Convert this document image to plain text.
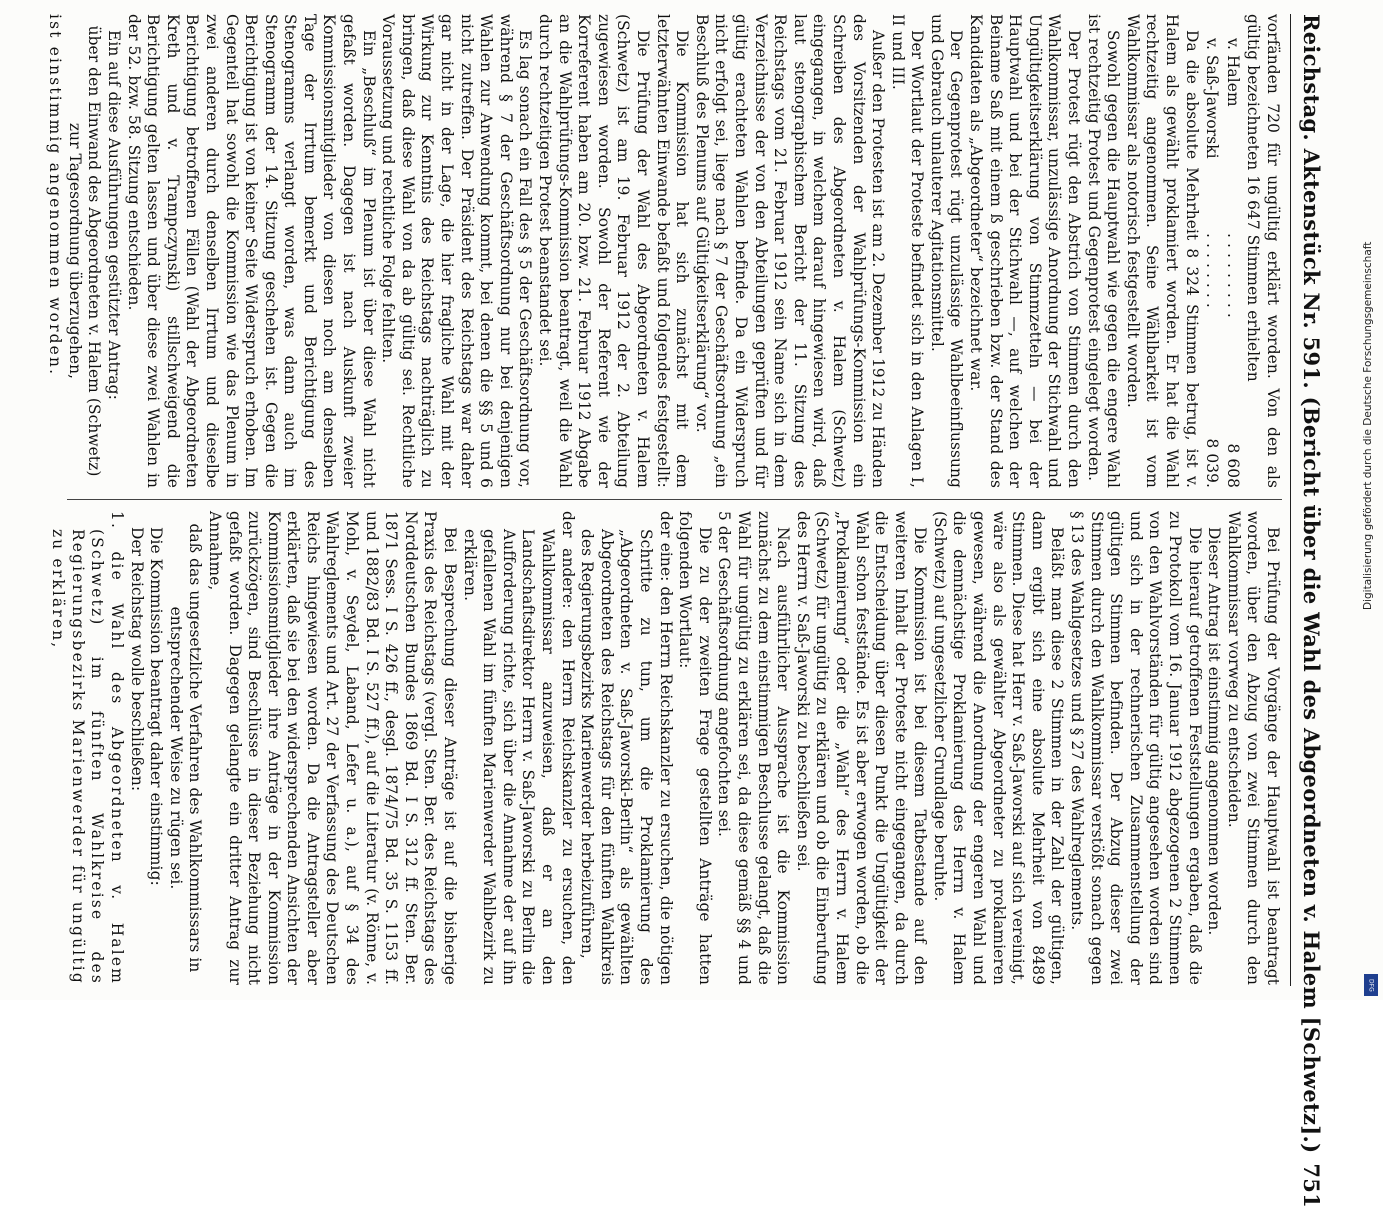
Reichstag. Aktenstück Nr. 591. (Bericht über die Wahl des Abgeordneten v. Halem [Schwetz].)
751

vorfänden 720 für ungültig erklärt worden. Von den als gültig bezeichneten 16 647 Stimmen erhielten

v. Halem
. . . . . . . . .
8 608
v. Saß-Jaworski
. . . . . . . .
8 039.

Da die absolute Mehrheit 8 324 Stimmen betrug, ist v. Halem als gewählt proklamiert worden. Er hat die Wahl rechtzeitig angenommen. Seine Wählbarkeit ist vom Wahlkommissar als notorisch festgestellt worden.

Sowohl gegen die Hauptwahl wie gegen die engere Wahl ist rechtzeitig Protest und Gegenprotest eingelegt worden.

Der Protest rügt den Abstrich von Stimmen durch den Wahlkommissar, unzulässige Anordnung der Stichwahl und Ungültigkeitserklärung von Stimmzetteln — bei der Hauptwahl und bei der Stichwahl —, auf welchen der Beiname Saß mit einem ß geschrieben bzw. der Stand des Kandidaten als „Abgeordneter“ bezeichnet war.

Der Gegenprotest rügt unzulässige Wahlbeeinflussung und Gebrauch unlauterer Agitationsmittel.

Der Wortlaut der Proteste befindet sich in den Anlagen I, II und III.

Außer den Protesten ist am 2. Dezember 1912 zu Händen des Vorsitzenden der Wahlprüfungs-Kommission ein Schreiben des Abgeordneten v. Halem (Schwetz) eingegangen, in welchem darauf hingewiesen wird, daß laut stenographischem Bericht der 11. Sitzung des Reichstags vom 21. Februar 1912 sein Name sich in dem Verzeichnisse der von den Abteilungen geprüften und für gültig erachteten Wahlen befinde. Da ein Widerspruch nicht erfolgt sei, liege nach § 7 der Geschäftsordnung „ein Beschluß des Plenums auf Gültigkeitserklärung“ vor.

Die Kommission hat sich zunächst mit dem letzterwähnten Einwande befaßt und folgendes festgestellt:

Die Prüfung der Wahl des Abgeordneten v. Halem (Schwetz) ist am 19. Februar 1912 der 2. Abteilung zugewiesen worden. Sowohl der Referent wie der Korreferent haben am 20. bzw. 21. Februar 1912 Abgabe an die Wahlprüfungs-Kommission beantragt, weil die Wahl durch rechtzeitigen Protest beanstandet sei.

Es lag sonach ein Fall des § 5 der Geschäftsordnung vor, während § 7 der Geschäftsordnung nur bei denjenigen Wahlen zur Anwendung kommt, bei denen die §§ 5 und 6 nicht zutreffen. Der Präsident des Reichstags war daher gar nicht in der Lage, die hier fragliche Wahl mit der Wirkung zur Kenntnis des Reichstags nachträglich zu bringen, daß diese Wahl von da ab gültig sei. Rechtliche Voraussetzung und rechtliche Folge fehlten.

Ein „Beschluß“ im Plenum ist über diese Wahl nicht gefaßt worden. Dagegen ist nach Auskunft zweier Kommissionsmitglieder von diesen noch am denselben Tage der Irrtum bemerkt und Berichtigung des Stenogramms verlangt worden, was dann auch im Stenogramm der 14. Sitzung geschehen ist. Gegen die Berichtigung ist von keiner Seite Widerspruch erhoben. Im Gegenteil hat sowohl die Kommission wie das Plenum in zwei anderen durch denselben Irrtum und dieselbe Berichtigung betroffenen Fällen (Wahl der Abgeordneten Kreth und v. Trampczynski) stillschweigend die Berichtigung gelten lassen und über diese zwei Wahlen in der 52. bzw. 58. Sitzung entschieden.

Ein auf diese Ausführungen gestützter Antrag:

über den Einwand des Abgeordneten v. Halem (Schwetz) zur Tagesordnung überzugehen,

ist einstimmig angenommen worden.

Bei Prüfung der Vorgänge der Hauptwahl ist beantragt worden, über den Abzug von zwei Stimmen durch den Wahlkommissar vorweg zu entscheiden.

Dieser Antrag ist einstimmig angenommen worden.

Die hierauf getroffenen Feststellungen ergaben, daß die zu Protokoll vom 16. Januar 1912 abgezogenen 2 Stimmen von den Wahlvorständen für gültig angesehen worden sind und sich in der rechnerischen Zusammenstellung der gültigen Stimmen befinden. Der Abzug dieser zwei Stimmen durch den Wahlkommissar verstößt sonach gegen § 13 des Wahlgesetzes und § 27 des Wahlreglements.

Beläßt man diese 2 Stimmen in der Zahl der gültigen, dann ergibt sich eine absolute Mehrheit von 8489 Stimmen. Diese hat Herr v. Saß-Jaworski auf sich vereinigt, wäre also als gewählter Abgeordneter zu proklamieren gewesen, während die Anordnung der engeren Wahl und die demnächstige Proklamierung des Herrn v. Halem (Schwetz) auf ungesetzlicher Grundlage beruhte.

Die Kommission ist bei diesem Tatbestande auf den weiteren Inhalt der Proteste nicht eingegangen, da durch die Entscheidung über diesen Punkt die Ungültigkeit der Wahl schon feststände. Es ist aber erwogen worden, ob die „Proklamierung“ oder die „Wahl“ des Herrn v. Halem (Schwetz) für ungültig zu erklären und ob die Einberufung des Herrn v. Saß-Jaworski zu beschließen sei.

Nach ausführlicher Aussprache ist die Kommission zunächst zu dem einstimmigen Beschlusse gelangt, daß die Wahl für ungültig zu erklären sei, da diese gemäß §§ 4 und 5 der Geschäftsordnung angefochten sei.

Die zu der zweiten Frage gestellten Anträge hatten folgenden Wortlaut:

der eine: den Herrn Reichskanzler zu ersuchen, die nötigen Schritte zu tun, um die Proklamierung des „Abgeordneten v. Saß-Jaworski-Berlin“ als gewählten Abgeordneten des Reichstags für den fünften Wahlkreis des Regierungsbezirks Marienwerder herbeizuführen,

der andere: den Herrn Reichskanzler zu ersuchen, den Wahlkommissar anzuweisen, daß er an den Landschaftsdirektor Herrn v. Saß-Jaworski zu Berlin die Aufforderung richte, sich über die Annahme der auf ihn gefallenen Wahl im fünften Marienwerder Wahlbezirk zu erklären.

Bei Besprechung dieser Anträge ist auf die bisherige Praxis des Reichstags (vergl. Sten. Ber. des Reichstags des Norddeutschen Bundes 1869 Bd. I S. 312 ff. Sten. Ber. 1871 Sess. I S. 426 ff., desgl. 1874/75 Bd. 35 S. 1153 ff. und 1882/83 Bd. I S. 527 ff.), auf die Literatur (v. Rönne, v. Mohl, v. Seydel, Laband, Lefer u. a.), auf § 34 des Wahlreglements und Art. 27 der Verfassung des Deutschen Reichs hingewiesen worden. Da die Antragsteller aber erklärten, daß sie bei den widersprechenden Ansichten der Kommissionsmitglieder ihre Anträge in der Kommission zurückzögen, sind Beschlüsse in dieser Beziehung nicht gefaßt worden. Dagegen gelangte ein dritter Antrag zur Annahme,

daß das ungesetzliche Verfahren des Wahlkommissars in entsprechender Weise zu rügen sei.

Die Kommission beantragt daher einstimmig:

Der Reichstag wolle beschließen:

1. die Wahl des Abgeordneten v. Halem (Schwetz) im fünften Wahlkreise des Regierungsbezirks Marienwerder für ungültig zu erklären,	Digitalisierung gefördert durch die Deutsche Forschungsgemeinschaft
DFG
